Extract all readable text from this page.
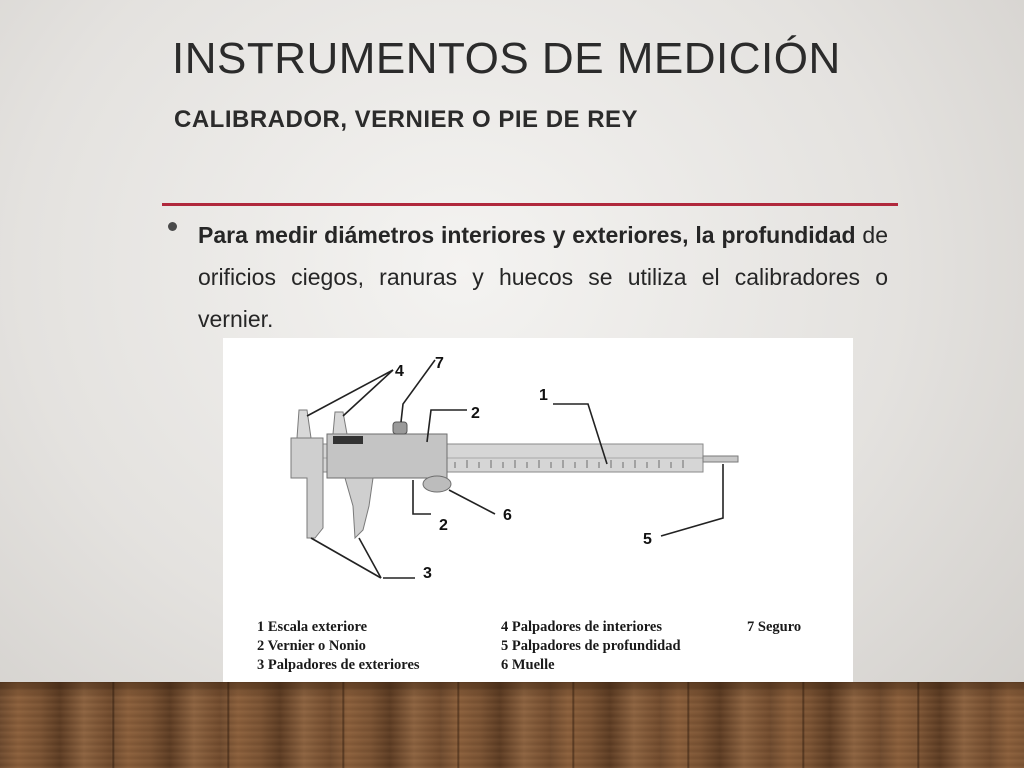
INSTRUMENTOS DE MEDICIÓN
CALIBRADOR, VERNIER O PIE DE REY
Para medir diámetros interiores y exteriores, la profundidad de orificios ciegos, ranuras y huecos se utiliza el calibradores o vernier.
4 7
2
1
2
6
5
3
1 Escala exteriore
2 Vernier o Nonio
3 Palpadores de exteriores
4 Palpadores de interiores
5 Palpadores de profundidad
6 Muelle
7 Seguro
